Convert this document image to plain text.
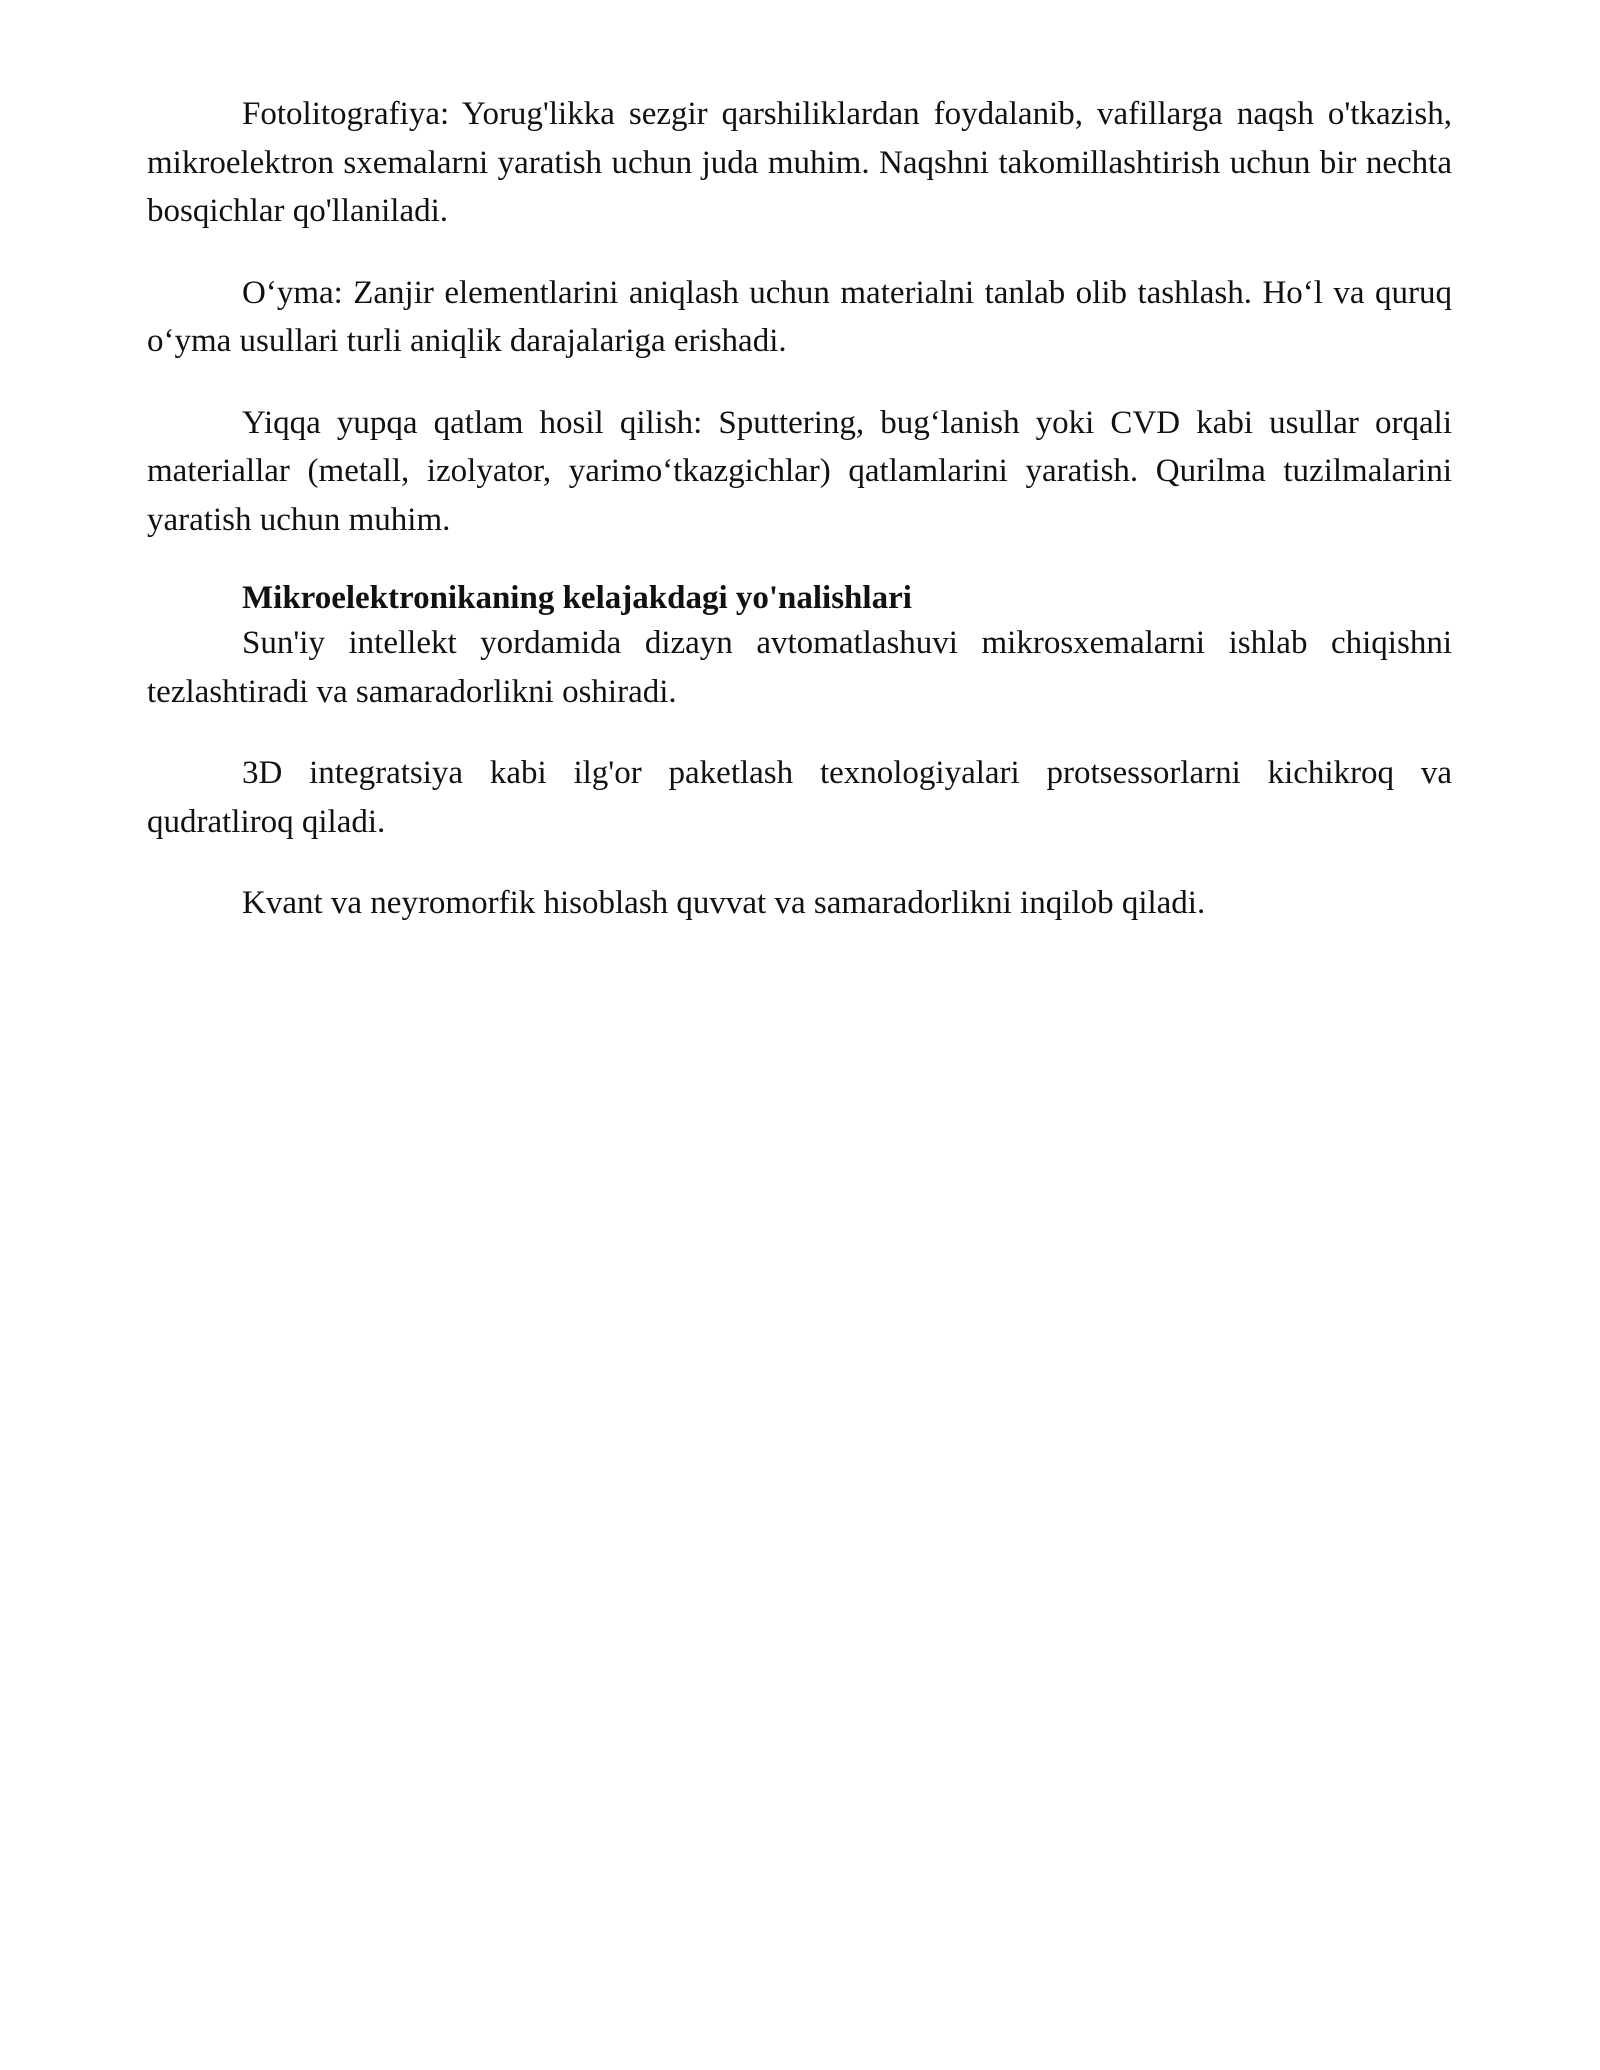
Fotolitografiya: Yorug'likka sezgir qarshiliklardan foydalanib, vafillarga naqsh o'tkazish, mikroelektron sxemalarni yaratish uchun juda muhim. Naqshni takomillashtirish uchun bir nechta bosqichlar qo'llaniladi.

O‘yma: Zanjir elementlarini aniqlash uchun materialni tanlab olib tashlash. Ho‘l va quruq o‘yma usullari turli aniqlik darajalariga erishadi.

Yiqqa yupqa qatlam hosil qilish: Sputtering, bug‘lanish yoki CVD kabi usullar orqali materiallar (metall, izolyator, yarimo‘tkazgichlar) qatlamlarini yaratish. Qurilma tuzilmalarini yaratish uchun muhim.

Mikroelektronikaning kelajakdagi yo'nalishlari

Sun'iy intellekt yordamida dizayn avtomatlashuvi mikrosxemalarni ishlab chiqishni tezlashtiradi va samaradorlikni oshiradi.

3D integratsiya kabi ilg'or paketlash texnologiyalari protsessorlarni kichikroq va qudratliroq qiladi.

Kvant va neyromorfik hisoblash quvvat va samaradorlikni inqilob qiladi.
